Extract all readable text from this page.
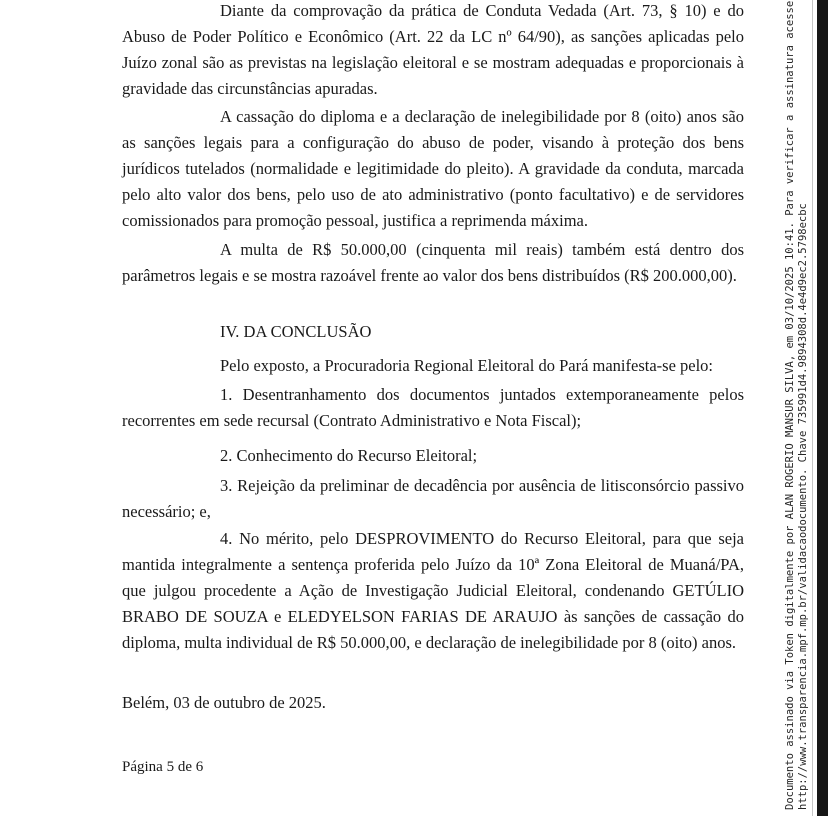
Diante da comprovação da prática de Conduta Vedada (Art. 73, § 10) e do Abuso de Poder Político e Econômico (Art. 22 da LC nº 64/90), as sanções aplicadas pelo Juízo zonal são as previstas na legislação eleitoral e se mostram adequadas e proporcionais à gravidade das circunstâncias apuradas.

A cassação do diploma e a declaração de inelegibilidade por 8 (oito) anos são as sanções legais para a configuração do abuso de poder, visando à proteção dos bens jurídicos tutelados (normalidade e legitimidade do pleito). A gravidade da conduta, marcada pelo alto valor dos bens, pelo uso de ato administrativo (ponto facultativo) e de servidores comissionados para promoção pessoal, justifica a reprimenda máxima.

A multa de R$ 50.000,00 (cinquenta mil reais) também está dentro dos parâmetros legais e se mostra razoável frente ao valor dos bens distribuídos (R$ 200.000,00).

IV. DA CONCLUSÃO

Pelo exposto, a Procuradoria Regional Eleitoral do Pará manifesta-se pelo:

1. Desentranhamento dos documentos juntados extemporaneamente pelos recorrentes em sede recursal (Contrato Administrativo e Nota Fiscal);

2. Conhecimento do Recurso Eleitoral;

3. Rejeição da preliminar de decadência por ausência de litisconsórcio passivo necessário; e,

4. No mérito, pelo DESPROVIMENTO do Recurso Eleitoral, para que seja mantida integralmente a sentença proferida pelo Juízo da 10ª Zona Eleitoral de Muaná/PA, que julgou procedente a Ação de Investigação Judicial Eleitoral, condenando GETÚLIO BRABO DE SOUZA e ELEDYELSON FARIAS DE ARAUJO às sanções de cassação do diploma, multa individual de R$ 50.000,00, e declaração de inelegibilidade por 8 (oito) anos.

Belém, 03 de outubro de 2025.

Página 5 de 6	Documento assinado via Token digitalmente por ALAN ROGERIO MANSUR SILVA, em 03/10/2025 10:41. Para verificar a assinatura acesse http://www.transparencia.mpf.mp.br/validacaodocumento. Chave 735991d4.9894308d.4e4d9ec2.5798ecbc
